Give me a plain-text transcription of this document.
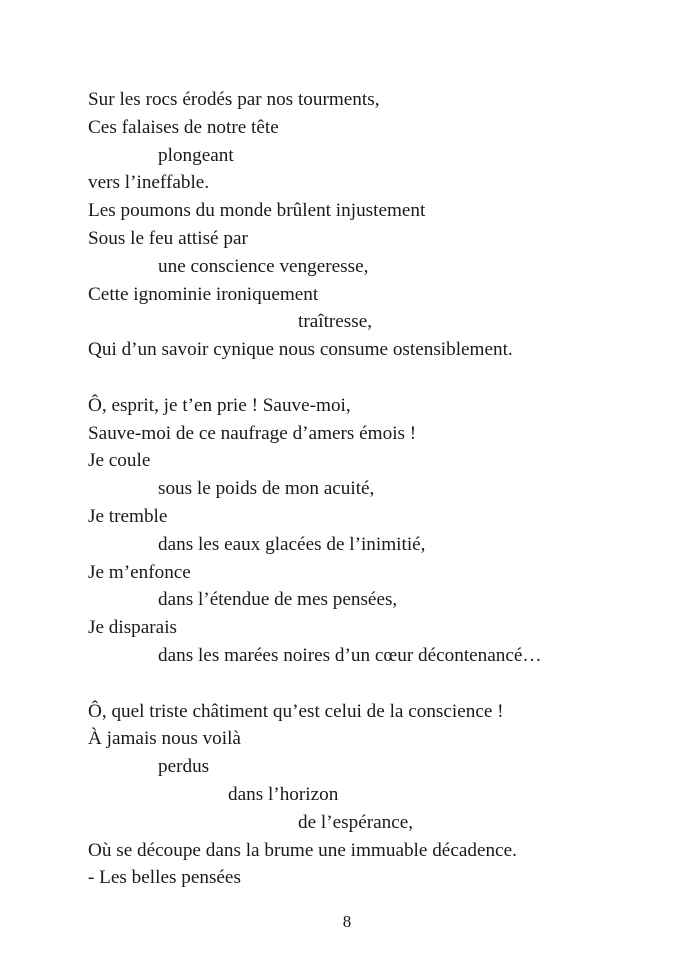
Sur les rocs érodés par nos tourments,
Ces falaises de notre tête
plongeant
vers l’ineffable.
Les poumons du monde brûlent injustement
Sous le feu attisé par
une conscience vengeresse,
Cette ignominie ironiquement
traîtresse,
Qui d’un savoir cynique nous consume ostensiblement.
Ô, esprit, je t’en prie ! Sauve-moi,
Sauve-moi de ce naufrage d’amers émois !
Je coule
sous le poids de mon acuité,
Je tremble
dans les eaux glacées de l’inimitié,
Je m’enfonce
dans l’étendue de mes pensées,
Je disparais
dans les marées noires d’un cœur décontenancé…
Ô, quel triste châtiment qu’est celui de la conscience !
À jamais nous voilà
perdus
dans l’horizon
de l’espérance,
Où se découpe dans la brume une immuable décadence.
- Les belles pensées
8
